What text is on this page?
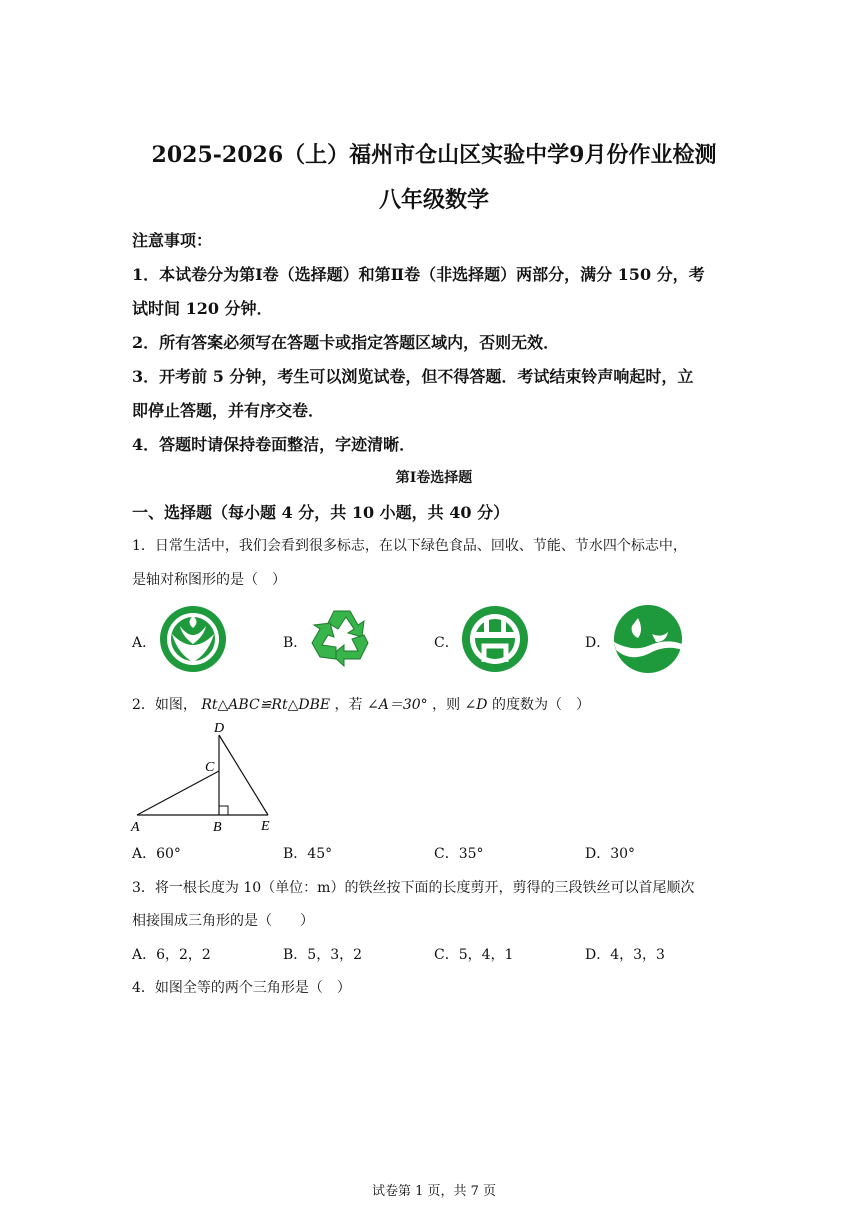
2025-2026（上）福州市仓山区实验中学9月份作业检测
八年级数学
注意事项：
1．本试卷分为第Ⅰ卷（选择题）和第Ⅱ卷（非选择题）两部分，满分 150 分，考
试时间 120 分钟．
2．所有答案必须写在答题卡或指定答题区域内，否则无效．
3．开考前 5 分钟，考生可以浏览试卷，但不得答题．考试结束铃声响起时，立
即停止答题，并有序交卷．
4．答题时请保持卷面整洁，字迹清晰．
第Ⅰ卷选择题
一、选择题（每小题 4 分，共 10 小题，共 40 分）
1．日常生活中，我们会看到很多标志，在以下绿色食品、回收、节能、节水四个标志中，
是轴对称图形的是（　）
A．	B．	C．	D．
2．如图， Rt△ABC≌Rt△DBE ，若 ∠A＝30° ，则 ∠D 的度数为（　）
D
C
A	B	E
A．60°	B．45°	C．35°	D．30°
3．将一根长度为 10（单位：m）的铁丝按下面的长度剪开，剪得的三段铁丝可以首尾顺次
相接围成三角形的是（　　）
A．6，2，2	B．5，3，2	C．5，4，1	D．4，3，3
4．如图全等的两个三角形是（　）
试卷第 1 页，共 7 页
